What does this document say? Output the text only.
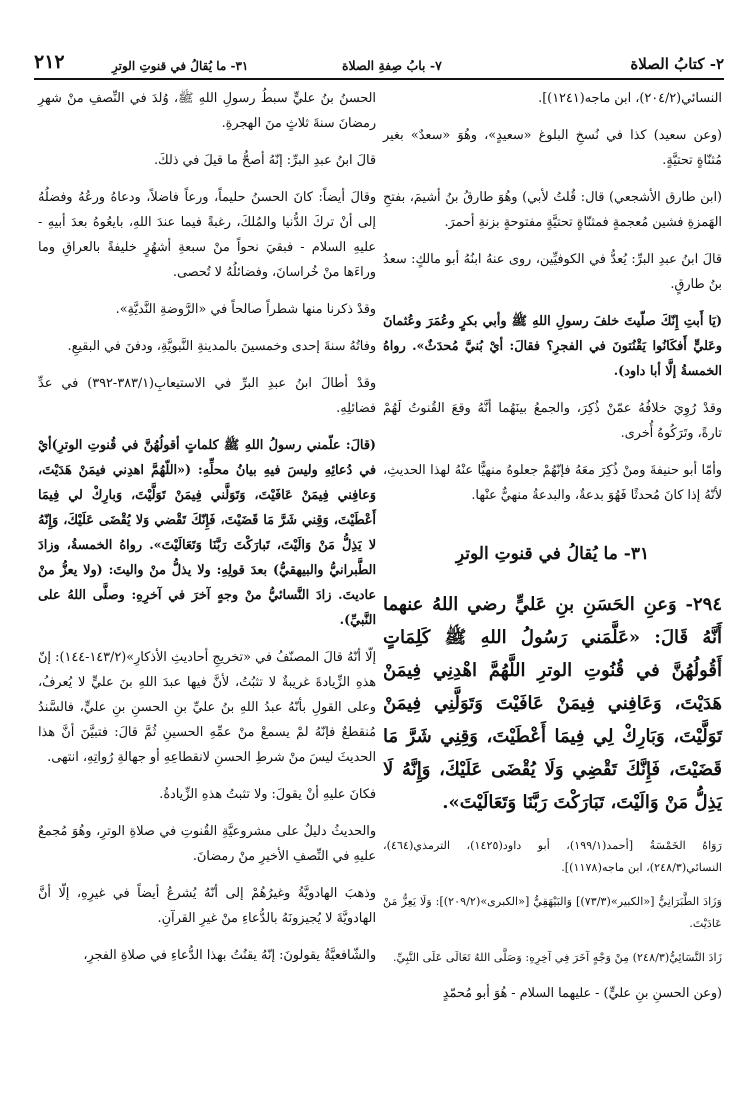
٢- كتابُ الصلاة
٧- بابُ صِفةِ الصلاة
٣١- ما يُقالُ في قنوتِ الوترِ
٢١٢

النسائي(٢٠٤/٢)، ابن ماجه(١٢٤١)].

(وعن سعيد) كذا في نُسخِ البلوغ «سعيدٍ»، وهُوَ «سعدٌ» بغير مُثنّاةٍ تحتيَّةٍ.

(ابن طارق الأشجعي) قال: قُلتُ لأبي) وهُوَ طارقُ بنُ أشيمَ، بفتحِ الهَمزةِ فشين مُعجمةٍ فمثنّاةٍ تحتيَّةٍ مفتوحةٍ بزنةِ أحمرَ.

قالَ ابنُ عبدِ البرِّ: يُعدُّ في الكوفيِّين، روى عنهُ ابنُهُ أبو مالكٍ: سعدُ بنُ طارقٍ.

(يَا أَبتِ إِنّكَ صلّيتَ خلفَ رسولِ اللهِ ﷺ وأبي بكرٍ وعُمَرَ وعُثمانَ وعَليٍّ أَفكَانُوا يَقْنُتونَ في الفجرِ؟ فقالَ: أيْ بُنيَّ مُحدَثٌ». رواهُ الخمسةُ إلَّا أبا داود).

وقدْ رُوِيَ خلافُهُ عمّنْ ذُكِرَ، والجمعُ بينَهُما أنَّهُ وقعَ القُنوتُ لَهُمْ تارةً، وتَرَكُوهُ أُخرى.

وأمّا أبو حنيفةَ ومنْ ذُكِرَ معَهُ فإنّهُمْ جعلوهُ منهيًّا عنْهُ لهذا الحديثِ، لأنّهُ إذا كانَ مُحدثًا فَهُوَ بدعةٌ، والبدعةُ منهيٌّ عنْها.

٣١- ما يُقالُ في قنوتِ الوترِ

٢٩٤- وَعنِ الحَسَنِ بنِ عَليٍّ رضي اللهُ عنهما أَنَّهُ قَالَ: «عَلَّمَني رَسُولُ اللهِ ﷺ كَلِمَاتٍ أَقُولُهُنَّ في قُنُوتِ الوترِ اللَّهُمَّ اهْدِنِي فِيمَنْ هَدَيْتَ، وَعَافِني فِيمَنْ عَافَيْتَ وَتَوَلَّنِي فِيمَنْ تَوَلَّيْتَ، وَبَارِكْ لِي فِيمَا أَعْطَيْتَ، وَقِنِي شَرَّ مَا قَضَيْتَ، فَإِنَّكَ تَقْضِي وَلَا يُقْضَى عَلَيْكَ، وَإِنَّهُ لَا يَذِلُّ مَنْ وَالَيْتَ، تَبَارَكْتَ رَبَّنَا وَتَعَالَيْتَ».

رَوَاهُ الخَمْسَةُ [أحمد(١٩٩/١)، أبو داود(١٤٢٥)، الترمذي(٤٦٤)، النسائي(٢٤٨/٣)، ابن ماجه(١١٧٨)].

وَزَادَ الطَّبَرَانِيُّ [«الكبير»(٧٣/٣)] وَالبَيْهَقِيُّ [«الكبرى»(٢٠٩/٢)]: وَلَا يَعِزُّ مَنْ عَادَيْتَ.

زَادَ النَّسَائِيُّ(٢٤٨/٣) مِنْ وَجْهٍ آخَرَ فِي آخِرِهِ: وَصَلَّى اللهُ تَعَالَى عَلَى النَّبِيِّ.

(وعن الحسنِ بنِ عليٍّ) - عليهما السلام - هُوَ أبو مُحمّدٍ

الحسنُ بنُ عليٍّ سبطُ رسولِ اللهِ ﷺ، وُلدَ في النِّصفِ منْ شهرِ رمضانَ سنةَ ثلاثٍ منَ الهجرةِ.

قالَ ابنُ عبدِ البرِّ: إنّهُ أصحُّ ما قيلَ في ذلكَ.

وقالَ أيضاً: كانَ الحسنُ حليماً، ورعاً فاضلاً، ودعاهُ ورعُهُ وفضلُهُ إلى أنْ تركَ الدُّنيا والمُلكَ، رغبةً فيما عندَ اللهِ، بايعُوهُ بعدَ أبيهِ - عليهِ السلام - فبقيَ نحواً منْ سبعةِ أشهُرٍ خليفةً بالعراقِ وما وراءَها منْ خُراسانَ، وفضائلُهُ لا تُحصى.

وقدْ ذكرنا منها شطراً صالحاً في «الرَّوضةِ النَّديَّةِ».

وفاتُهُ سنةَ إحدى وخمسينَ بالمدينةِ النَّبويَّةِ، ودفنَ في البقيعِ.

وقدْ أطالَ ابنُ عبدِ البرِّ في الاستيعابِ(٣٨٣/١-٣٩٢) في عدِّ فضائلِهِ.

(قالَ: علّمني رسولُ اللهِ ﷺ كلماتٍ أقولُهُنَّ في قُنوتِ الوترِ)أيْ في دُعائِهِ وليسَ فيهِ بيانُ محلِّهِ: («اللّهُمَّ اهدِني فيمَنْ هَدَيْتَ، وَعافِني فِيمَنْ عَافَيْتَ، وَتَوَلَّني فِيمَنْ تَوَلَّيْتَ، وَبارِكْ لي فِيمَا أَعْطَيْتَ، وَقِني شَرَّ مَا قَضَيْتَ، فَإِنّكَ تَقْضي وَلا يُقْضَى عَلَيْكَ، وَإِنّهُ لا يَذِلُّ مَنْ وَالَيْتَ، تَبارَكْتَ رَبَّنَا وَتَعَالَيْتَ». رواهُ الخمسةُ، وزادَ الطَّبرانيُّ والبيهقيُّ) بعدَ قولِهِ: ولا يذلُّ منْ واليتَ: (ولا يعزُّ منْ عاديتَ. زادَ النَّسائيُّ منْ وجهٍ آخرَ في آخرِهِ: وصلَّى اللهُ على النَّبيِّ).

إلّا أنّهُ قالَ المصنّفُ في «تخريجِ أحاديثِ الأذكارِ»(١٤٣/٢-١٤٤): إنّ هذهِ الزِّيادةَ غريبةٌ لا تثبُتُ، لأنَّ فيها عبدَ اللهِ بنَ عليٍّ لا يُعرفُ، وعلى القولِ بأنّهُ عبدُ اللهِ بنُ عليِّ بنِ الحسنِ بنِ عليٍّ، فالسَّندُ مُنقطعٌ فإنّهُ لمْ يسمعْ منْ عمِّهِ الحسينِ ثُمَّ قالَ: فتبيَّنَ أنَّ هذا الحديثَ ليسَ منْ شرطِ الحسنِ لانقطاعِهِ أو جهالةِ رُواتِهِ، انتهى.

فكانَ عليهِ أنْ يقولَ: ولا تثبتُ هذهِ الزِّيادةُ.

والحديثُ دليلٌ على مشروعيَّةِ القُنوتِ في صلاةِ الوترِ، وهُوَ مُجمعٌ عليهِ في النِّصفِ الأخيرِ منْ رمضانَ.

وذهبَ الهادويَّةُ وغيرُهُمْ إلى أنّهُ يُشرعُ أيضاً في غيرِهِ، إلّا أنَّ الهادويَّةَ لا يُجيزونَهُ بالدُّعاءِ منْ غيرِ القرآنِ.

والشّافعيَّةُ يقولونَ: إنّهُ يقنُتُ بهذا الدُّعاءِ في صلاةِ الفجرِ،
